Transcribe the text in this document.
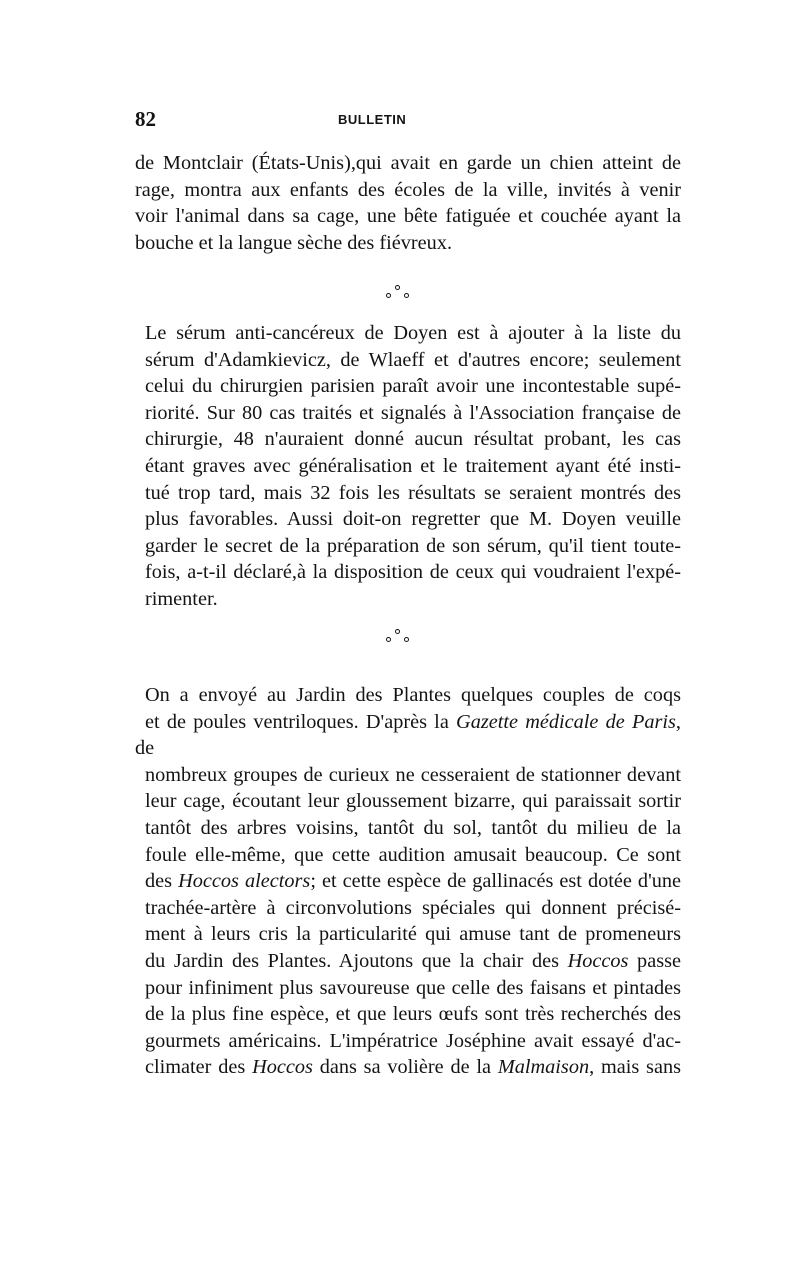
82	BULLETIN

de Montclair (États-Unis),qui avait en garde un chien atteint de
rage, montra aux enfants des écoles de la ville, invités à venir
voir l'animal dans sa cage, une bête fatiguée et couchée ayant la
bouche et la langue sèche des fiévreux.

Le sérum anti-cancéreux de Doyen est à ajouter à la liste du
sérum d'Adamkievicz, de Wlaeff et d'autres encore; seulement
celui du chirurgien parisien paraît avoir une incontestable supé-
riorité. Sur 80 cas traités et signalés à l'Association française de
chirurgie, 48 n'auraient donné aucun résultat probant, les cas
étant graves avec généralisation et le traitement ayant été insti-
tué trop tard, mais 32 fois les résultats se seraient montrés des
plus favorables. Aussi doit-on regretter que M. Doyen veuille
garder le secret de la préparation de son sérum, qu'il tient toute-
fois, a-t-il déclaré,à la disposition de ceux qui voudraient l'expé-
rimenter.

On a envoyé au Jardin des Plantes quelques couples de coqs
et de poules ventriloques. D'après la Gazette médicale de Paris, de
nombreux groupes de curieux ne cesseraient de stationner devant
leur cage, écoutant leur gloussement bizarre, qui paraissait sortir
tantôt des arbres voisins, tantôt du sol, tantôt du milieu de la
foule elle-même, que cette audition amusait beaucoup. Ce sont
des Hoccos alectors; et cette espèce de gallinacés est dotée d'une
trachée-artère à circonvolutions spéciales qui donnent précisé-
ment à leurs cris la particularité qui amuse tant de promeneurs
du Jardin des Plantes. Ajoutons que la chair des Hoccos passe
pour infiniment plus savoureuse que celle des faisans et pintades
de la plus fine espèce, et que leurs œufs sont très recherchés des
gourmets américains. L'impératrice Joséphine avait essayé d'ac-
climater des Hoccos dans sa volière de la Malmaison, mais sans
